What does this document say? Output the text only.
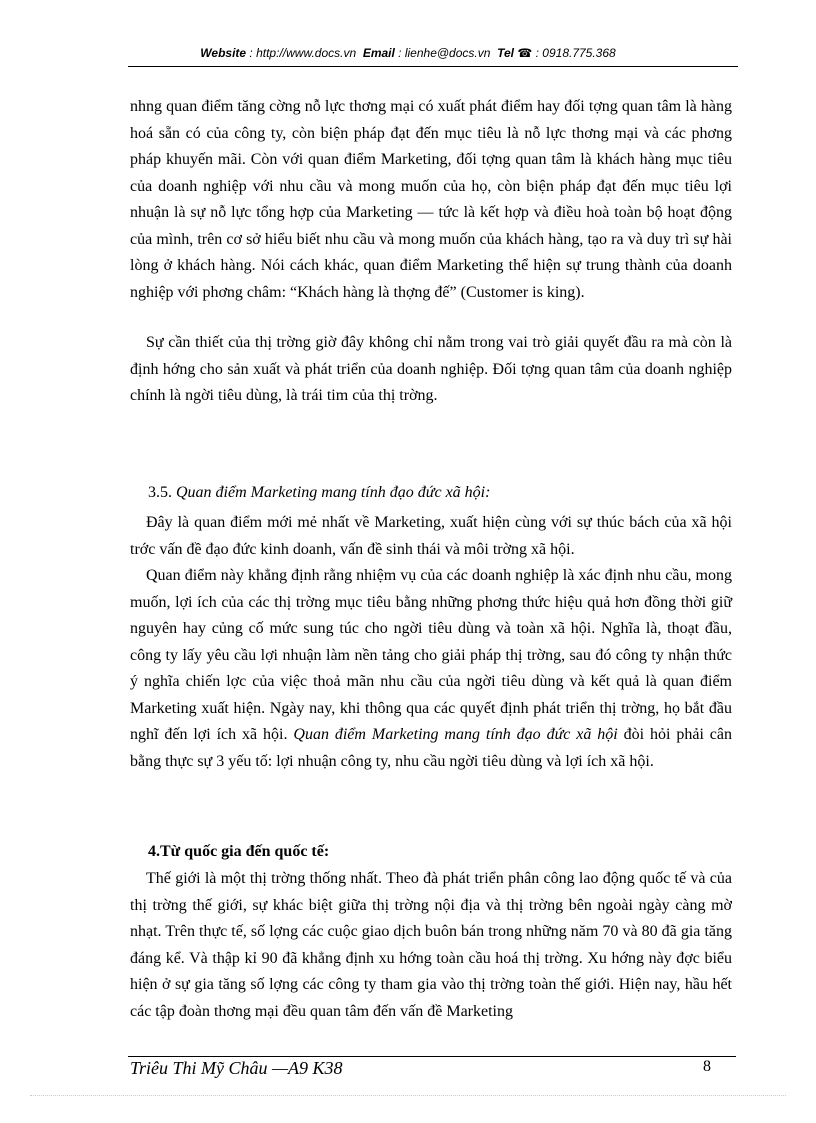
Website : http://www.docs.vn Email : lienhe@docs.vn Tel ☎ : 0918.775.368

nhng quan điểm tăng cờng nỗ lực thơng mại có xuất phát điểm hay đối tợng quan tâm là hàng hoá sẵn có của công ty, còn biện pháp đạt đến mục tiêu là nỗ lực thơng mại và các phơng pháp khuyến mãi. Còn với quan điểm Marketing, đối tợng quan tâm là khách hàng mục tiêu của doanh nghiệp với nhu cầu và mong muốn của họ, còn biện pháp đạt đến mục tiêu lợi nhuận là sự nỗ lực tổng hợp của Marketing — tức là kết hợp và điều hoà toàn bộ hoạt động của mình, trên cơ sở hiểu biết nhu cầu và mong muốn của khách hàng, tạo ra và duy trì sự hài lòng ở khách hàng. Nói cách khác, quan điểm Marketing thể hiện sự trung thành của doanh nghiệp với phơng châm: “Khách hàng là thợng đế” (Customer is king).

Sự cần thiết của thị trờng giờ đây không chỉ nằm trong vai trò giải quyết đầu ra mà còn là định hớng cho sản xuất và phát triển của doanh nghiệp. Đối tợng quan tâm của doanh nghiệp chính là ngời tiêu dùng, là trái tim của thị trờng.

3.5. Quan điểm Marketing mang tính đạo đức xã hội:

Đây là quan điểm mới mẻ nhất về Marketing, xuất hiện cùng với sự thúc bách của xã hội trớc vấn đề đạo đức kinh doanh, vấn đề sinh thái và môi trờng xã hội.

Quan điểm này khẳng định rằng nhiệm vụ của các doanh nghiệp là xác định nhu cầu, mong muốn, lợi ích của các thị trờng mục tiêu bằng những phơng thức hiệu quả hơn đồng thời giữ nguyên hay củng cố mức sung túc cho ngời tiêu dùng và toàn xã hội. Nghĩa là, thoạt đầu, công ty lấy yêu cầu lợi nhuận làm nền tảng cho giải pháp thị trờng, sau đó công ty nhận thức ý nghĩa chiến lợc của việc thoả mãn nhu cầu của ngời tiêu dùng và kết quả là quan điểm Marketing xuất hiện. Ngày nay, khi thông qua các quyết định phát triển thị trờng, họ bắt đầu nghĩ đến lợi ích xã hội. Quan điểm Marketing mang tính đạo đức xã hội đòi hỏi phải cân bằng thực sự 3 yếu tố: lợi nhuận công ty, nhu cầu ngời tiêu dùng và lợi ích xã hội.

4.Từ quốc gia đến quốc tế:

Thế giới là một thị trờng thống nhất. Theo đà phát triển phân công lao động quốc tế và của thị trờng thế giới, sự khác biệt giữa thị trờng nội địa và thị trờng bên ngoài ngày càng mờ nhạt. Trên thực tế, số lợng các cuộc giao dịch buôn bán trong những năm 70 và 80 đã gia tăng đáng kể. Và thập kỉ 90 đã khẳng định xu hớng toàn cầu hoá thị trờng. Xu hớng này đợc biểu hiện ở sự gia tăng số lợng các công ty tham gia vào thị trờng toàn thế giới. Hiện nay, hầu hết các tập đoàn thơng mại đều quan tâm đến vấn đề Marketing

Triêu Thi Mỹ Châu —A9 K38	8
